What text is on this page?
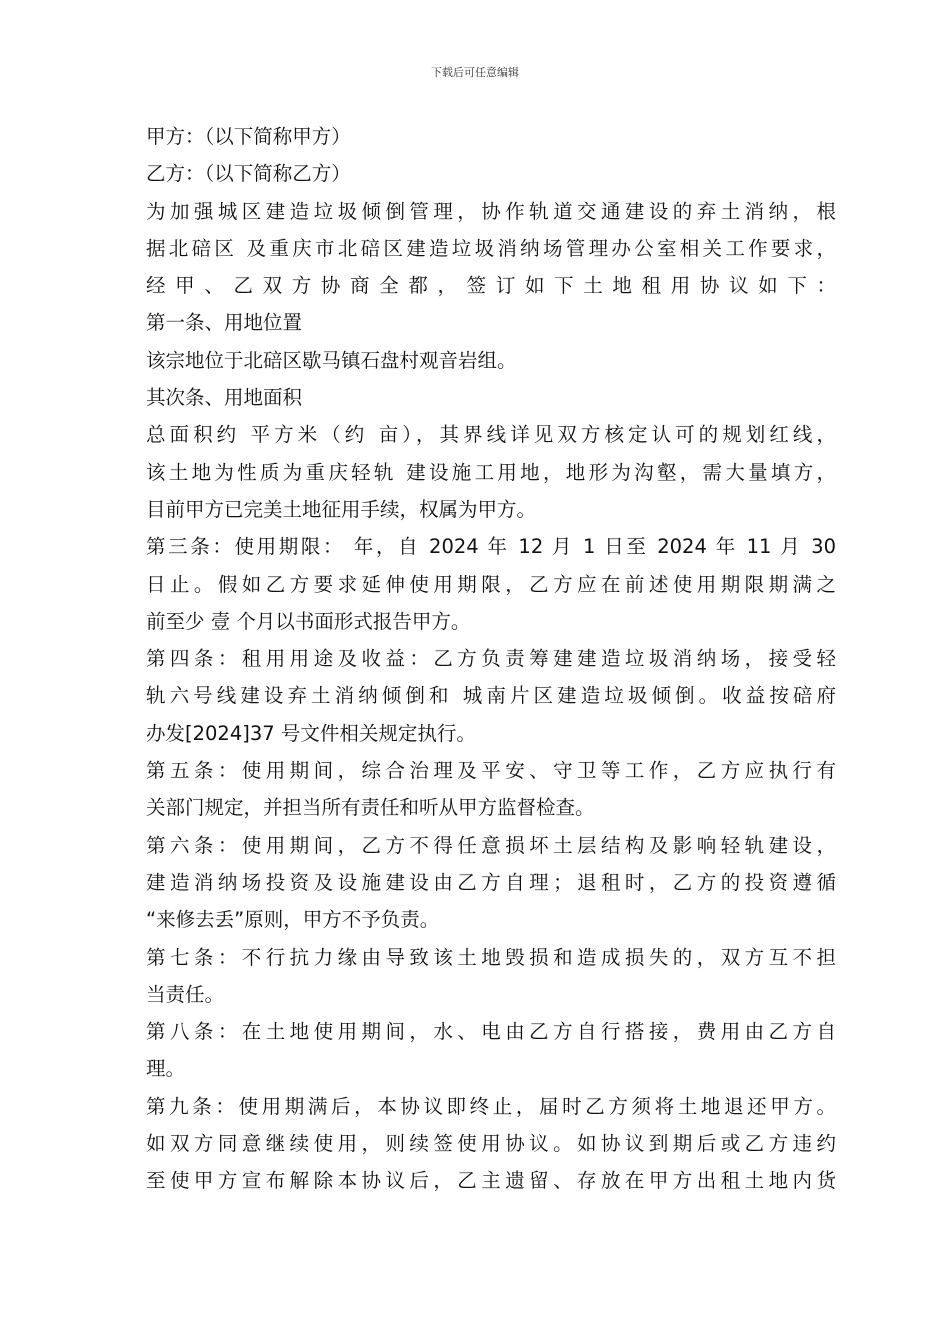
下载后可任意编辑
甲方：（以下简称甲方）
乙方：（以下简称乙方）
为加强城区建造垃圾倾倒管理，协作轨道交通建设的弃土消纳，根
据北碚区 及重庆市北碚区建造垃圾消纳场管理办公室相关工作要求，
经甲、乙双方协商全都，签订如下土地租用协议如下：
第一条、用地位置
该宗地位于北碚区歇马镇石盘村观音岩组。
其次条、用地面积
总面积约 平方米（约 亩），其界线详见双方核定认可的规划红线，
该土地为性质为重庆轻轨 建设施工用地，地形为沟壑，需大量填方，
目前甲方已完美土地征用手续，权属为甲方。
第三条：使用期限： 年，自 2024 年 12 月 1 日至 2024 年 11 月 30
日止。假如乙方要求延伸使用期限，乙方应在前述使用期限期满之
前至少 壹 个月以书面形式报告甲方。
第四条：租用用途及收益：乙方负责筹建建造垃圾消纳场，接受轻
轨六号线建设弃土消纳倾倒和 城南片区建造垃圾倾倒。收益按碚府
办发[2024]37 号文件相关规定执行。
第五条：使用期间，综合治理及平安、守卫等工作，乙方应执行有
关部门规定，并担当所有责任和听从甲方监督检查。
第六条：使用期间，乙方不得任意损坏土层结构及影响轻轨建设，
建造消纳场投资及设施建设由乙方自理；退租时，乙方的投资遵循
“来修去丢”原则，甲方不予负责。
第七条：不行抗力缘由导致该土地毁损和造成损失的，双方互不担
当责任。
第八条：在土地使用期间，水、电由乙方自行搭接，费用由乙方自
理。
第九条：使用期满后，本协议即终止，届时乙方须将土地退还甲方。
如双方同意继续使用，则续签使用协议。如协议到期后或乙方违约
至使甲方宣布解除本协议后，乙主遗留、存放在甲方出租土地内货
